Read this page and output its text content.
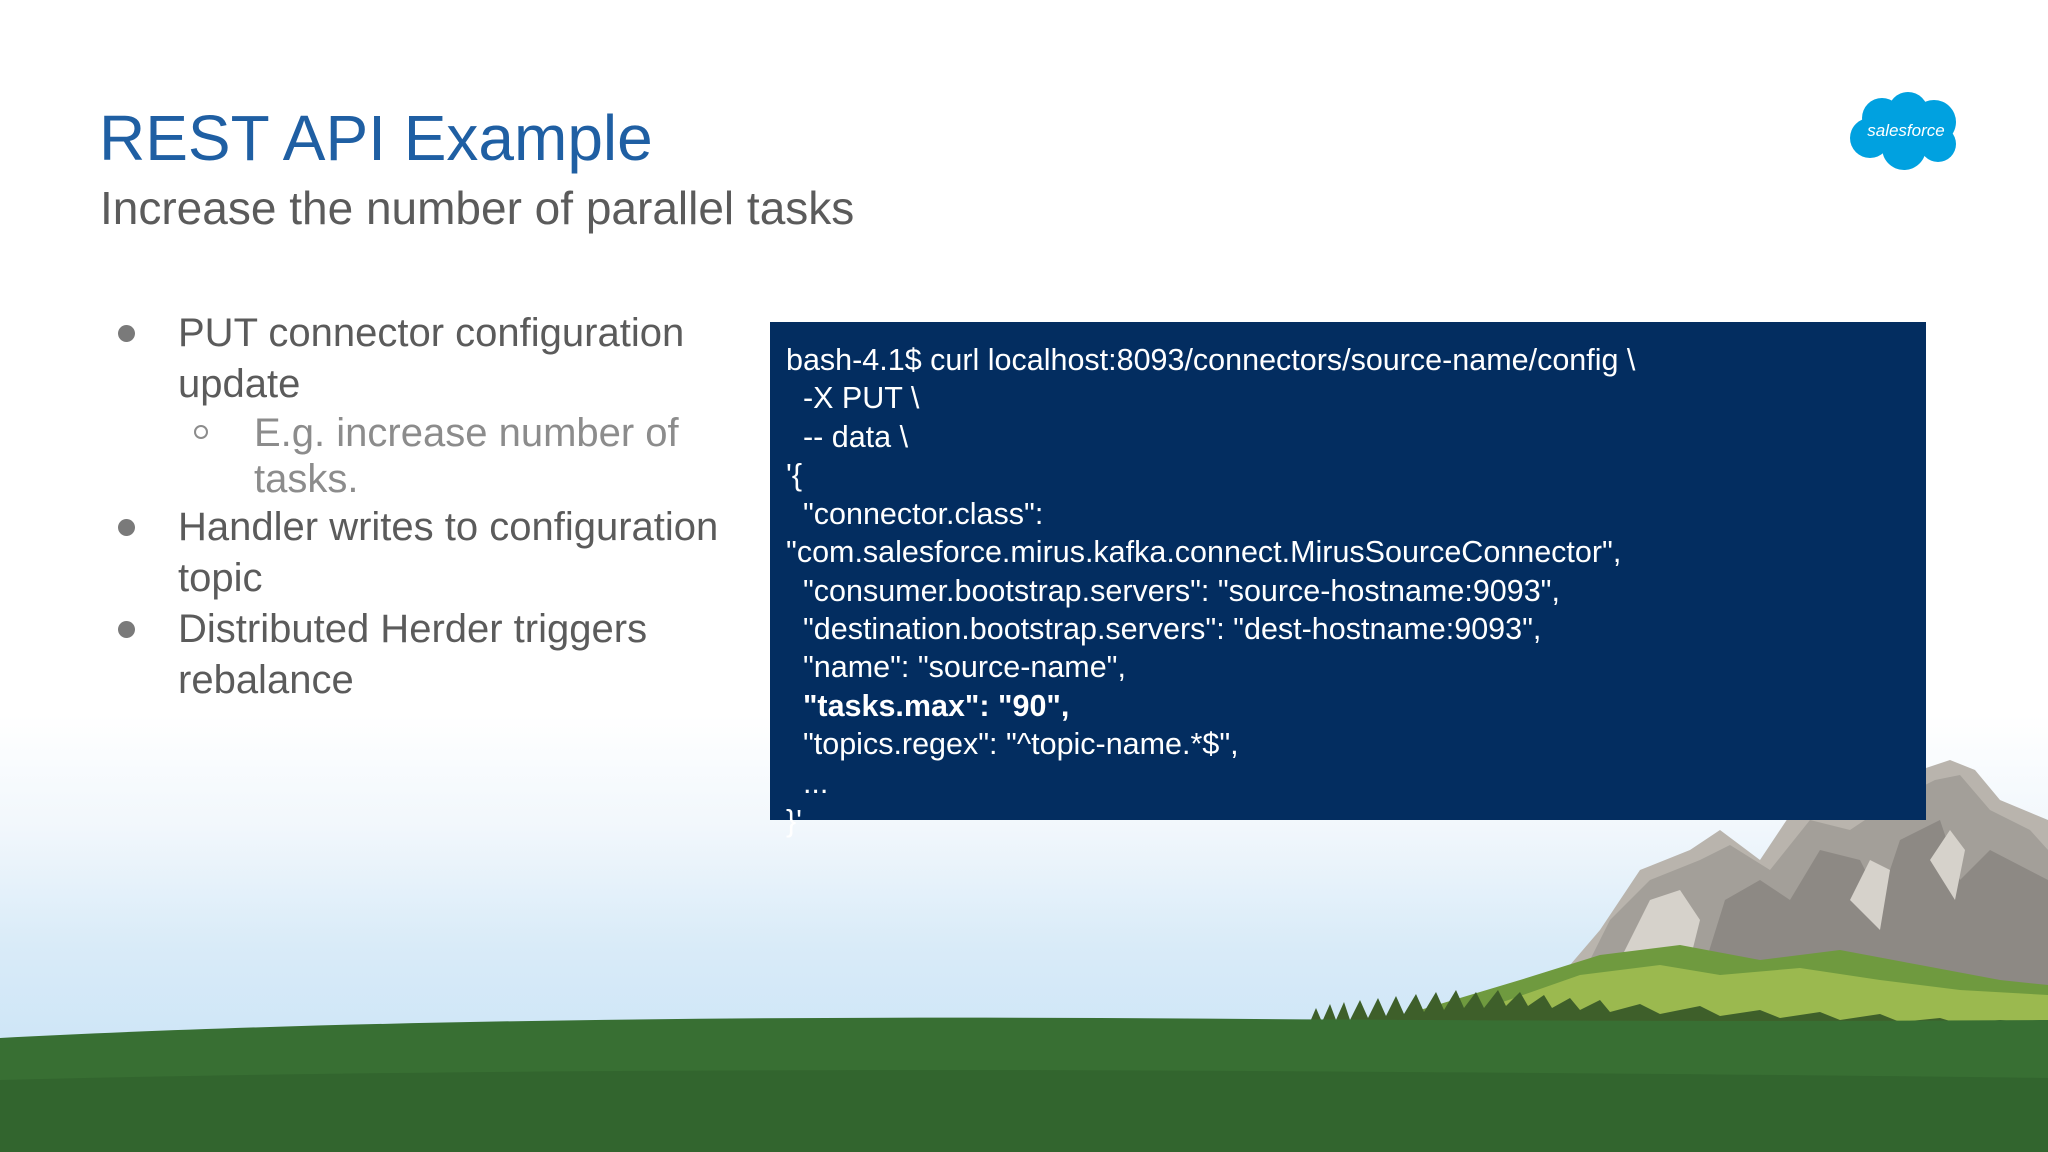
salesforce
REST API Example
Increase the number of parallel tasks
PUT connector configuration update
E.g. increase number of tasks.
Handler writes to configuration topic
Distributed Herder triggers rebalance
bash-4.1$ curl localhost:8093/connectors/source-name/config \
-X PUT \
-- data \
'{
"connector.class":
"com.salesforce.mirus.kafka.connect.MirusSourceConnector",
"consumer.bootstrap.servers": "source-hostname:9093",
"destination.bootstrap.servers": "dest-hostname:9093",
"name": "source-name",
"tasks.max": "90",
"topics.regex": "^topic-name.*$",
...
}'
